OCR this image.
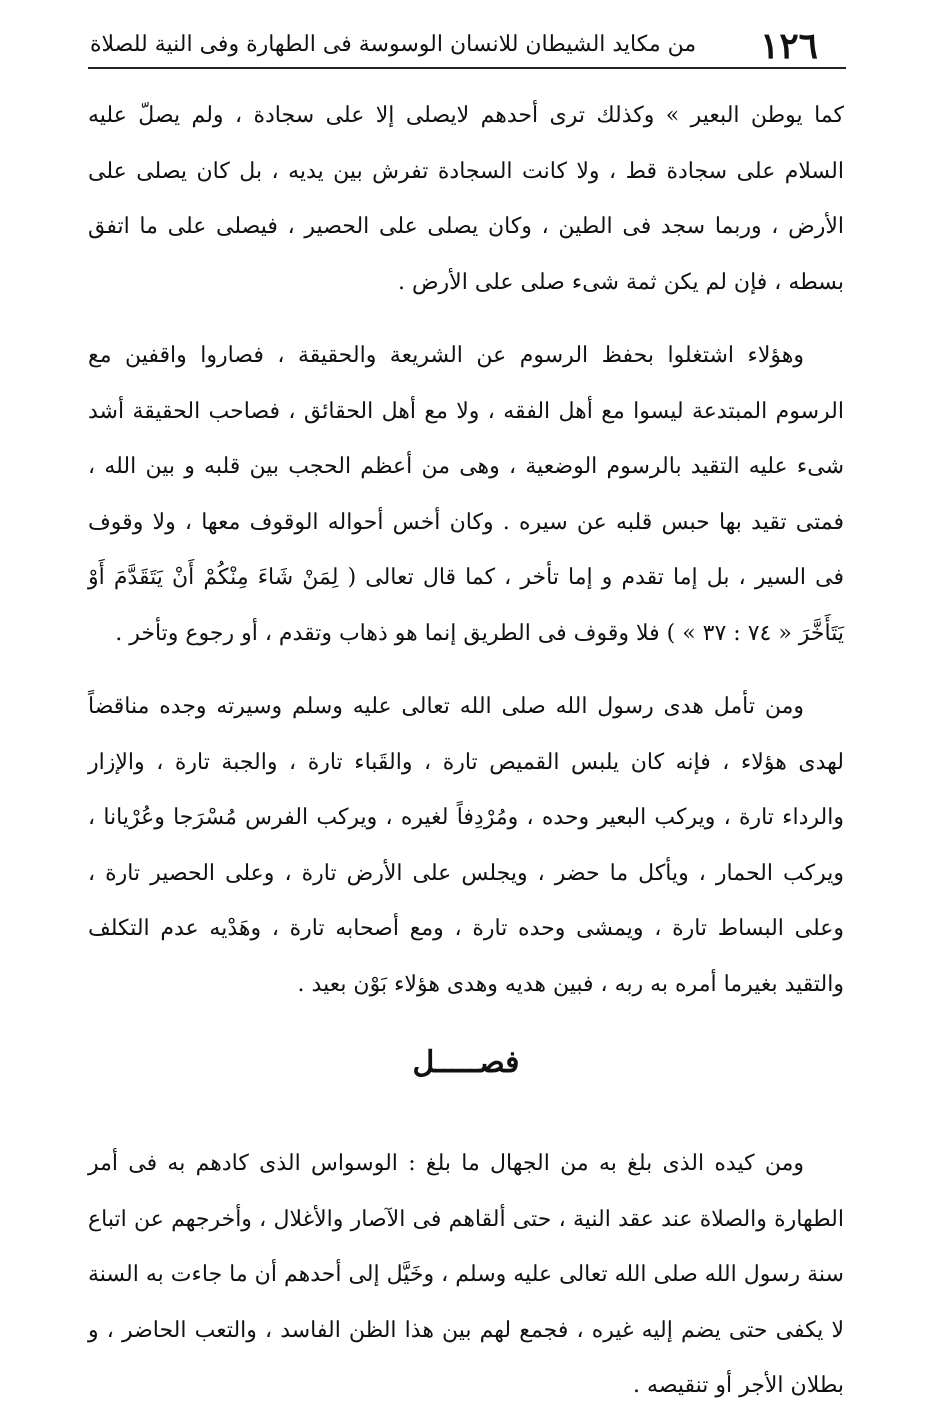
١٢٦
من مكايد الشيطان للانسان الوسوسة فى الطهارة وفى النية للصلاة

كما يوطن البعير » وكذلك ترى أحدهم لايصلى إلا على سجادة ، ولم يصلّ عليه السلام على سجادة قط ، ولا كانت السجادة تفرش بين يديه ، بل كان يصلى على الأرض ، وربما سجد فى الطين ، وكان يصلى على الحصير ، فيصلى على ما اتفق بسطه ، فإن لم يكن ثمة شىء صلى على الأرض .

وهؤلاء اشتغلوا بحفظ الرسوم عن الشريعة والحقيقة ، فصاروا واقفين مع الرسوم المبتدعة ليسوا مع أهل الفقه ، ولا مع أهل الحقائق ، فصاحب الحقيقة أشد شىء عليه التقيد بالرسوم الوضعية ، وهى من أعظم الحجب بين قلبه و بين الله ، فمتى تقيد بها حبس قلبه عن سيره . وكان أخس أحواله الوقوف معها ، ولا وقوف فى السير ، بل إما تقدم و إما تأخر ، كما قال تعالى ( لِمَنْ شَاءَ مِنْكُمْ أَنْ يَتَقَدَّمَ أَوْ يَتَأَخَّرَ « ٧٤ : ٣٧ » ) فلا وقوف فى الطريق إنما هو ذهاب وتقدم ، أو رجوع وتأخر .

ومن تأمل هدى رسول الله صلى الله تعالى عليه وسلم وسيرته وجده مناقضاً لهدى هؤلاء ، فإنه كان يلبس القميص تارة ، والقَباء تارة ، والجبة تارة ، والإزار والرداء تارة ، ويركب البعير وحده ، ومُرْدِفاً لغيره ، ويركب الفرس مُسْرَجا وعُرْيانا ، ويركب الحمار ، ويأكل ما حضر ، ويجلس على الأرض تارة ، وعلى الحصير تارة ، وعلى البساط تارة ، ويمشى وحده تارة ، ومع أصحابه تارة ، وهَدْيه عدم التكلف والتقيد بغيرما أمره به ربه ، فبين هديه وهدى هؤلاء بَوْن بعيد .

فصـــــل

ومن كيده الذى بلغ به من الجهال ما بلغ : الوسواس الذى كادهم به فى أمر الطهارة والصلاة عند عقد النية ، حتى ألقاهم فى الآصار والأغلال ، وأخرجهم عن اتباع سنة رسول الله صلى الله تعالى عليه وسلم ، وخَيَّل إلى أحدهم أن ما جاءت به السنة لا يكفى حتى يضم إليه غيره ، فجمع لهم بين هذا الظن الفاسد ، والتعب الحاضر ، و بطلان الأجر أو تنقيصه .
